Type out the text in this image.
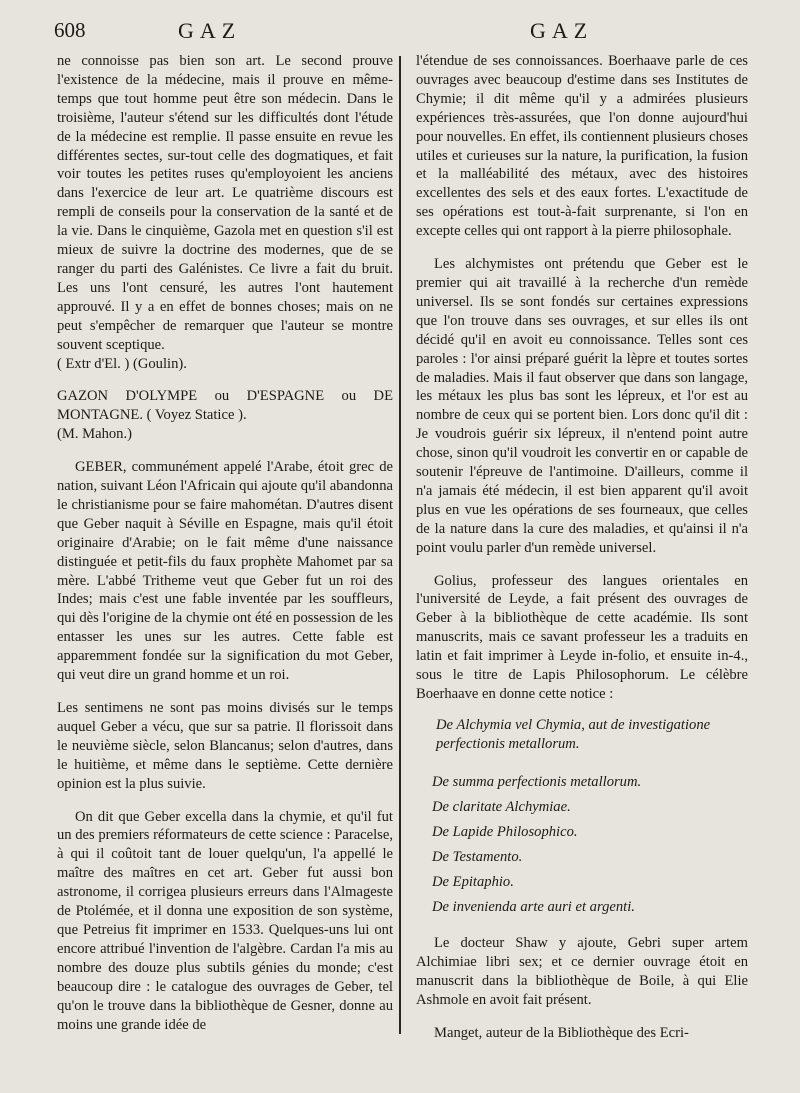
608	GAZ	GAZ

ne connoisse pas bien son art. Le second prouve l'existence de la médecine, mais il prouve en même-temps que tout homme peut être son médecin. Dans le troisième, l'auteur s'étend sur les difficultés dont l'étude de la médecine est remplie. Il passe ensuite en revue les différentes sectes, sur-tout celle des dogmatiques, et fait voir toutes les petites ruses qu'employoient les anciens dans l'exercice de leur art. Le quatrième discours est rempli de conseils pour la conservation de la santé et de la vie. Dans le cinquième, Gazola met en question s'il est mieux de suivre la doctrine des modernes, que de se ranger du parti des Galénistes. Ce livre a fait du bruit. Les uns l'ont censuré, les autres l'ont hautement approuvé. Il y a en effet de bonnes choses; mais on ne peut s'empêcher de remarquer que l'auteur se montre souvent sceptique.

( Extr d'El. ) (Goulin).

GAZON D'OLYMPE ou D'ESPAGNE ou DE MONTAGNE. ( Voyez Statice ).

(M. Mahon.)

GEBER, communément appelé l'Arabe, étoit grec de nation, suivant Léon l'Africain qui ajoute qu'il abandonna le christianisme pour se faire mahométan. D'autres disent que Geber naquit à Séville en Espagne, mais qu'il étoit originaire d'Arabie; on le fait même d'une naissance distinguée et petit-fils du faux prophète Mahomet par sa mère. L'abbé Tritheme veut que Geber fut un roi des Indes; mais c'est une fable inventée par les souffleurs, qui dès l'origine de la chymie ont été en possession de les entasser les unes sur les autres. Cette fable est apparemment fondée sur la signification du mot Geber, qui veut dire un grand homme et un roi.

Les sentimens ne sont pas moins divisés sur le temps auquel Geber a vécu, que sur sa patrie. Il florissoit dans le neuvième siècle, selon Blancanus; selon d'autres, dans le huitième, et même dans le septième. Cette dernière opinion est la plus suivie.

On dit que Geber excella dans la chymie, et qu'il fut un des premiers réformateurs de cette science : Paracelse, à qui il coûtoit tant de louer quelqu'un, l'a appellé le maître des maîtres en cet art. Geber fut aussi bon astronome, il corrigea plusieurs erreurs dans l'Almageste de Ptolémée, et il donna une exposition de son système, que Petreius fit imprimer en 1533. Quelques-uns lui ont encore attribué l'invention de l'algèbre. Cardan l'a mis au nombre des douze plus subtils génies du monde; c'est beaucoup dire : le catalogue des ouvrages de Geber, tel qu'on le trouve dans la bibliothèque de Gesner, donne au moins une grande idée de

l'étendue de ses connoissances. Boerhaave parle de ces ouvrages avec beaucoup d'estime dans ses Institutes de Chymie; il dit même qu'il y a admirées plusieurs expériences très-assurées, que l'on donne aujourd'hui pour nouvelles. En effet, ils contiennent plusieurs choses utiles et curieuses sur la nature, la purification, la fusion et la malléabilité des métaux, avec des histoires excellentes des sels et des eaux fortes. L'exactitude de ses opérations est tout-à-fait surprenante, si l'on en excepte celles qui ont rapport à la pierre philosophale.

Les alchymistes ont prétendu que Geber est le premier qui ait travaillé à la recherche d'un remède universel. Ils se sont fondés sur certaines expressions que l'on trouve dans ses ouvrages, et sur elles ils ont décidé qu'il en avoit eu connoissance. Telles sont ces paroles : l'or ainsi préparé guérit la lèpre et toutes sortes de maladies. Mais il faut observer que dans son langage, les métaux les plus bas sont les lépreux, et l'or est au nombre de ceux qui se portent bien. Lors donc qu'il dit : Je voudrois guérir six lépreux, il n'entend point autre chose, sinon qu'il voudroit les convertir en or capable de soutenir l'épreuve de l'antimoine. D'ailleurs, comme il n'a jamais été médecin, il est bien apparent qu'il avoit plus en vue les opérations de ses fourneaux, que celles de la nature dans la cure des maladies, et qu'ainsi il n'a point voulu parler d'un remède universel.

Golius, professeur des langues orientales en l'université de Leyde, a fait présent des ouvrages de Geber à la bibliothèque de cette académie. Ils sont manuscrits, mais ce savant professeur les a traduits en latin et fait imprimer à Leyde in-folio, et ensuite in-4., sous le titre de Lapis Philosophorum. Le célèbre Boerhaave en donne cette notice :

De Alchymia vel Chymia, aut de investigatione perfectionis metallorum.
De summa perfectionis metallorum.
De claritate Alchymiae.
De Lapide Philosophico.
De Testamento.
De Epitaphio.
De invenienda arte auri et argenti.

Le docteur Shaw y ajoute, Gebri super artem Alchimiae libri sex; et ce dernier ouvrage étoit en manuscrit dans la bibliothèque de Boile, à qui Elie Ashmole en avoit fait présent.

Manget, auteur de la Bibliothèque des Ecri-
